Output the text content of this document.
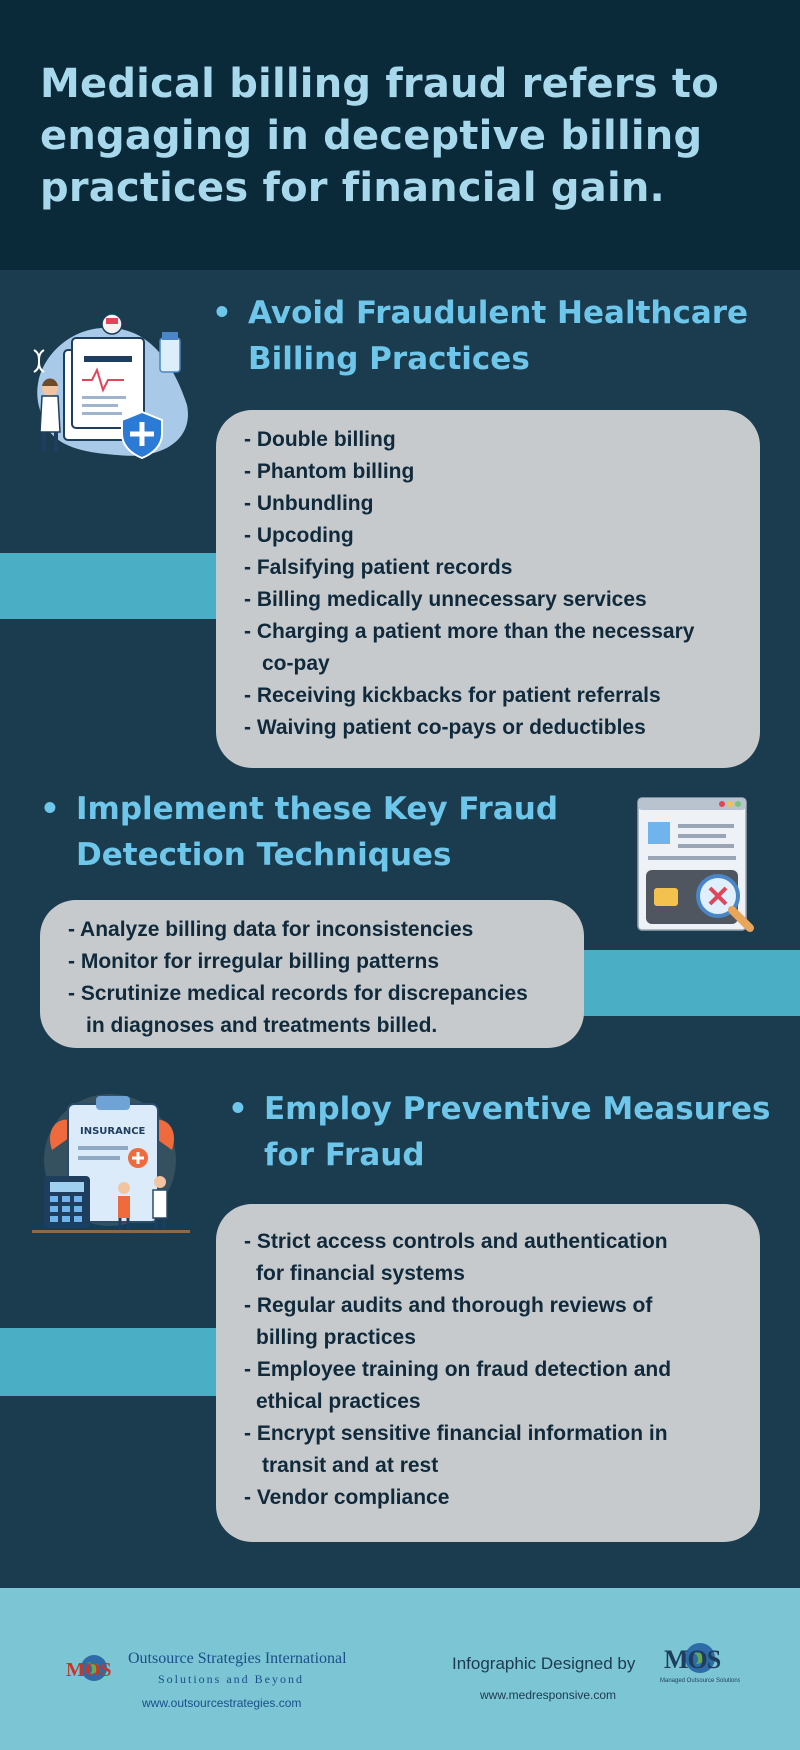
Medical billing fraud refers to engaging in deceptive billing practices for financial gain.
• Avoid Fraudulent Healthcare
Billing Practices
- Double billing
- Phantom billing
- Unbundling
- Upcoding
- Falsifying patient records
- Billing medically unnecessary services
- Charging a patient more than the necessary
co-pay
- Receiving kickbacks for patient referrals
- Waiving patient co-pays or deductibles
• Implement these Key Fraud
Detection Techniques
- Analyze billing data for inconsistencies
- Monitor for irregular billing patterns
- Scrutinize medical records for discrepancies
in diagnoses and treatments billed.
INSURANCE
• Employ Preventive Measures
for Fraud
- Strict access controls and authentication
for financial systems
- Regular audits and thorough reviews of
billing practices
- Employee training on fraud detection and
ethical practices
- Encrypt sensitive financial information in
transit and at rest
- Vendor compliance
MOS
Outsource Strategies International
Solutions and Beyond
www.outsourcestrategies.com
Infographic Designed by
www.medresponsive.com
MOS
Managed Outsource Solutions
